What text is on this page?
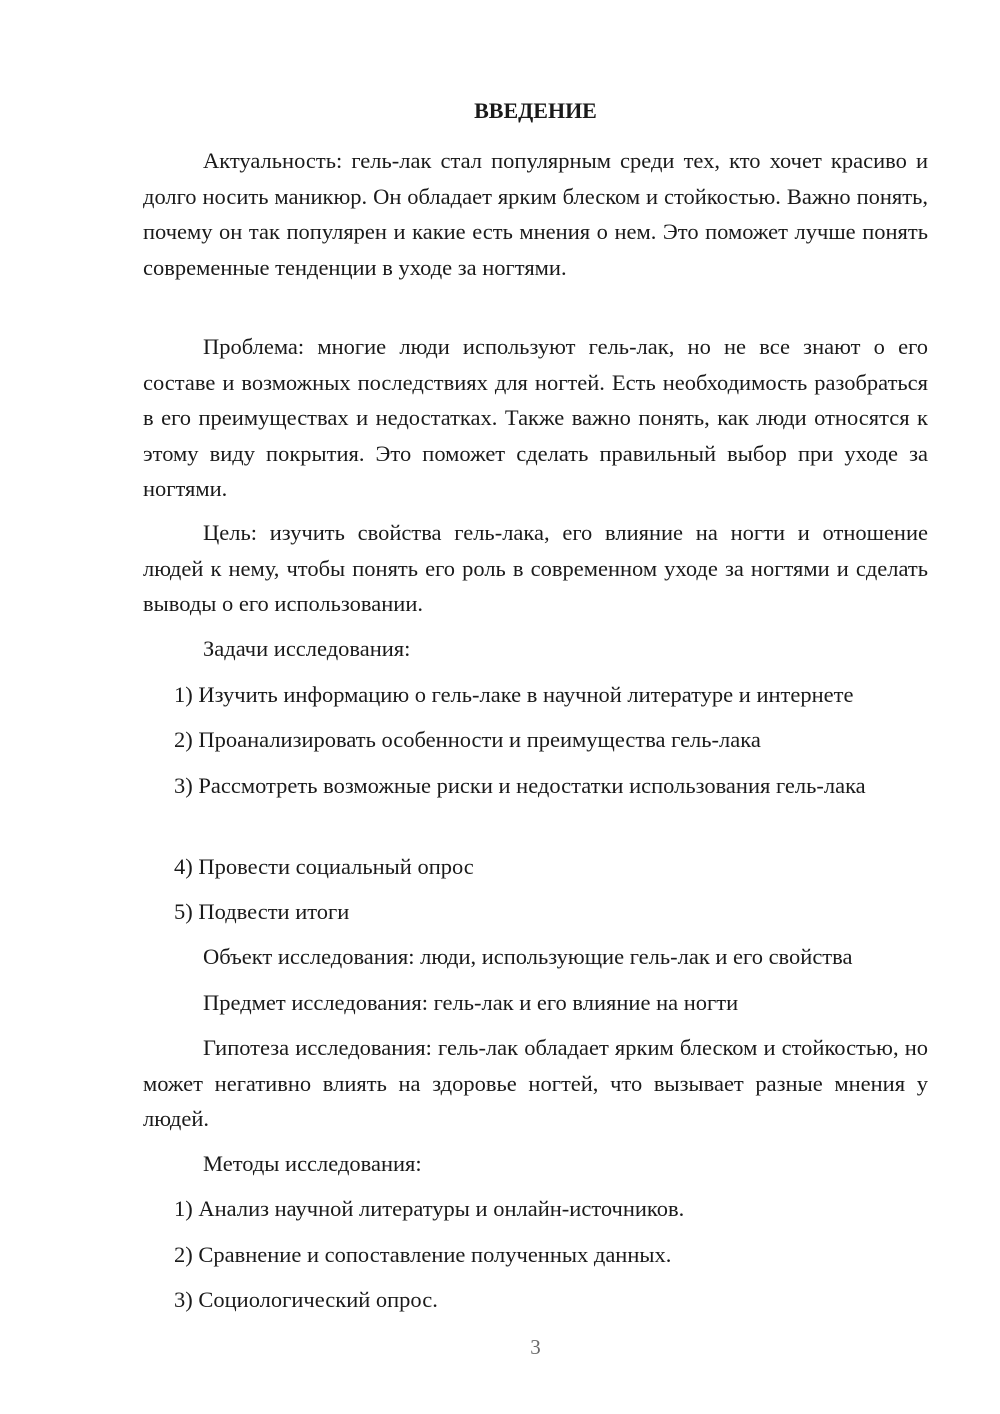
ВВЕДЕНИЕ

Актуальность: гель-лак стал популярным среди тех, кто хочет красиво и долго носить маникюр. Он обладает ярким блеском и стойкостью. Важно понять, почему он так популярен и какие есть мнения о нем. Это поможет лучше понять современные тенденции в уходе за ногтями.

Проблема: многие люди используют гель-лак, но не все знают о его составе и возможных последствиях для ногтей. Есть необходимость разобраться в его преимуществах и недостатках. Также важно понять, как люди относятся к этому виду покрытия. Это поможет сделать правильный выбор при уходе за ногтями.

Цель: изучить свойства гель-лака, его влияние на ногти и отношение людей к нему, чтобы понять его роль в современном уходе за ногтями и сделать выводы о его использовании.

Задачи исследования:

1) Изучить информацию о гель-лаке в научной литературе и интернете

2) Проанализировать особенности и преимущества гель-лака

3) Рассмотреть возможные риски и недостатки использования гель-лака

4) Провести социальный опрос

5) Подвести итоги

Объект исследования: люди, использующие гель-лак и его свойства

Предмет исследования: гель-лак и его влияние на ногти

Гипотеза исследования: гель-лак обладает ярким блеском и стойкостью, но может негативно влиять на здоровье ногтей, что вызывает разные мнения у людей.

Методы исследования:

1) Анализ научной литературы и онлайн-источников.

2) Сравнение и сопоставление полученных данных.

3) Социологический опрос.

3
